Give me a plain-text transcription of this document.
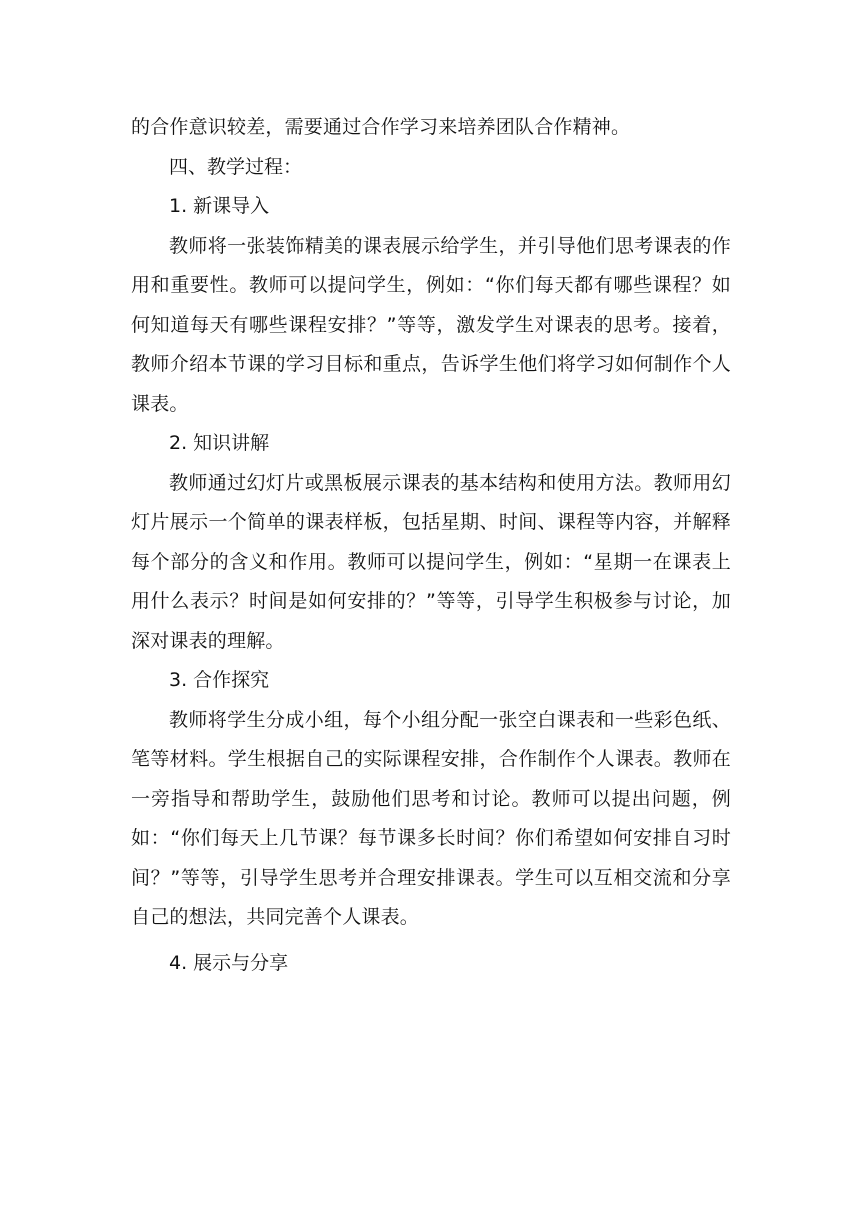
的合作意识较差，需要通过合作学习来培养团队合作精神。

四、教学过程：

1. 新课导入

教师将一张装饰精美的课表展示给学生，并引导他们思考课表的作用和重要性。教师可以提问学生，例如：“你们每天都有哪些课程？如何知道每天有哪些课程安排？”等等，激发学生对课表的思考。接着，教师介绍本节课的学习目标和重点，告诉学生他们将学习如何制作个人课表。

2. 知识讲解

教师通过幻灯片或黑板展示课表的基本结构和使用方法。教师用幻灯片展示一个简单的课表样板，包括星期、时间、课程等内容，并解释每个部分的含义和作用。教师可以提问学生，例如：“星期一在课表上用什么表示？时间是如何安排的？”等等，引导学生积极参与讨论，加深对课表的理解。

3. 合作探究

教师将学生分成小组，每个小组分配一张空白课表和一些彩色纸、笔等材料。学生根据自己的实际课程安排，合作制作个人课表。教师在一旁指导和帮助学生，鼓励他们思考和讨论。教师可以提出问题，例如：“你们每天上几节课？每节课多长时间？你们希望如何安排自习时间？”等等，引导学生思考并合理安排课表。学生可以互相交流和分享自己的想法，共同完善个人课表。

4. 展示与分享
